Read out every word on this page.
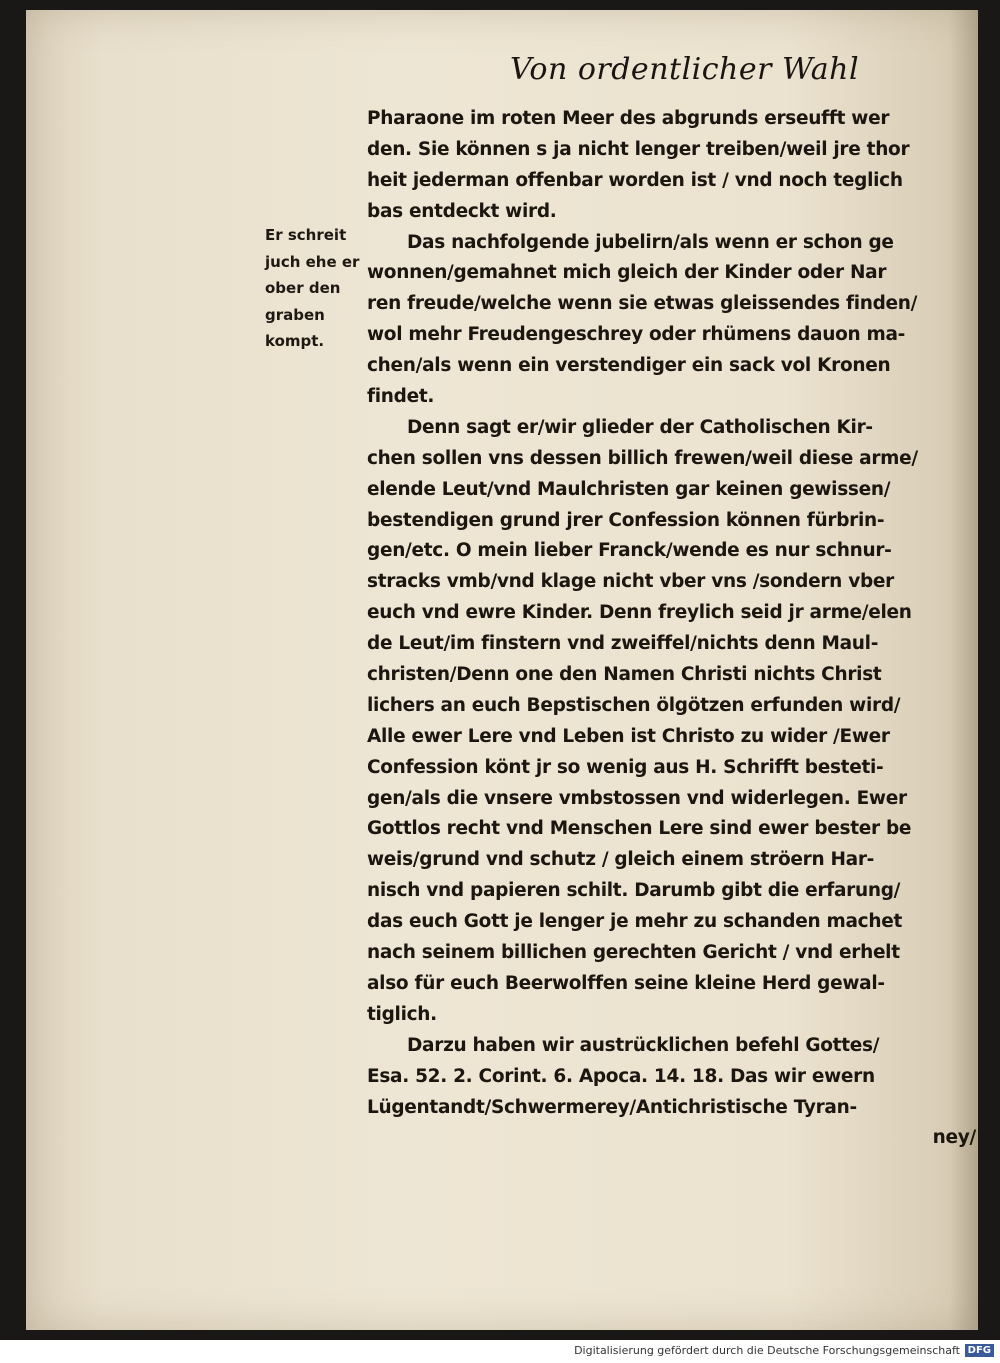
Von ordentlicher Wahl
Er schreit
juch ehe er
ober den
graben
kompt.
Pharaone im roten Meer des abgrunds erseufft wer
den. Sie können s ja nicht lenger treiben/weil jre thor
heit jederman offenbar worden ist / vnd noch teglich
bas entdeckt wird.
Das nachfolgende jubelirn/als wenn er schon ge
wonnen/gemahnet mich gleich der Kinder oder Nar
ren freude/welche wenn sie etwas gleissendes finden/
wol mehr Freudengeschrey oder rhümens dauon ma-
chen/als wenn ein verstendiger ein sack vol Kronen
findet.
Denn sagt er/wir glieder der Catholischen Kir-
chen sollen vns dessen billich frewen/weil diese arme/
elende Leut/vnd Maulchristen gar keinen gewissen/
bestendigen grund jrer Confession können fürbrin-
gen/etc. O mein lieber Franck/wende es nur schnur-
stracks vmb/vnd klage nicht vber vns /sondern vber
euch vnd ewre Kinder. Denn freylich seid jr arme/elen
de Leut/im finstern vnd zweiffel/nichts denn Maul-
christen/Denn one den Namen Christi nichts Christ
lichers an euch Bepstischen ölgötzen erfunden wird/
Alle ewer Lere vnd Leben ist Christo zu wider /Ewer
Confession könt jr so wenig aus H. Schrifft besteti-
gen/als die vnsere vmbstossen vnd widerlegen. Ewer
Gottlos recht vnd Menschen Lere sind ewer bester be
weis/grund vnd schutz / gleich einem ströern Har-
nisch vnd papieren schilt. Darumb gibt die erfarung/
das euch Gott je lenger je mehr zu schanden machet
nach seinem billichen gerechten Gericht / vnd erhelt
also für euch Beerwolffen seine kleine Herd gewal-
tiglich.
Darzu haben wir austrücklichen befehl Gottes/
Esa. 52. 2. Corint. 6. Apoca. 14. 18. Das wir ewern
Lügentandt/Schwermerey/Antichristische Tyran-
ney/
Digitalisierung gefördert durch die Deutsche Forschungsgemeinschaft DFG
